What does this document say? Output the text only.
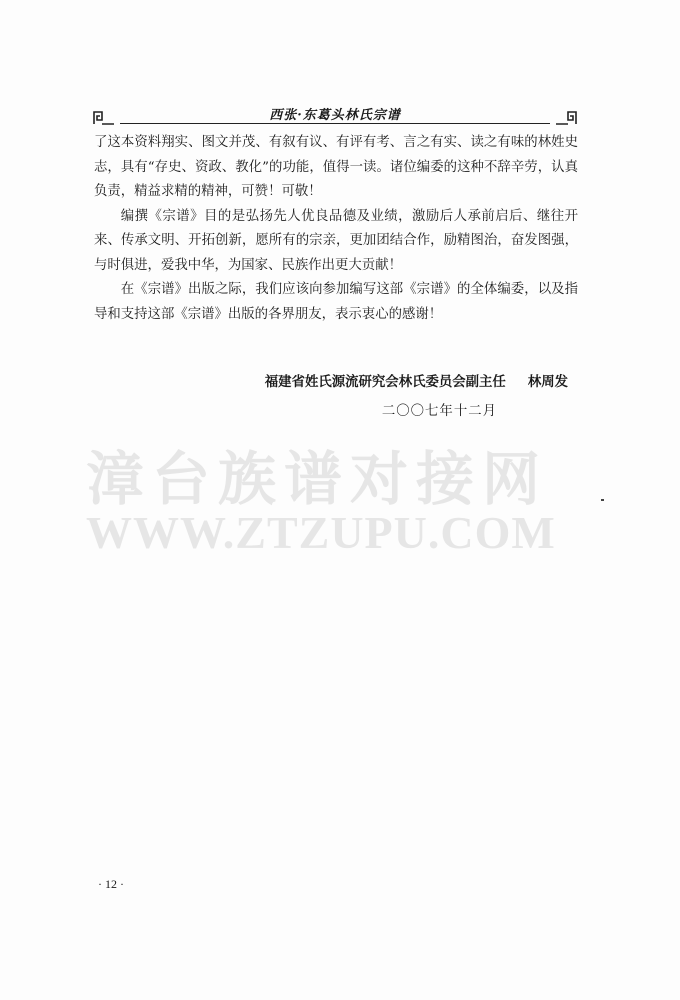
西张·东葛头林氏宗谱

了这本资料翔实、图文并茂、有叙有议、有评有考、言之有实、读之有味的林姓史志，具有“存史、资政、教化”的功能，值得一读。诸位编委的这种不辞辛劳，认真负责，精益求精的精神，可赞！可敬！

编撰《宗谱》目的是弘扬先人优良品德及业绩，激励后人承前启后、继往开来、传承文明、开拓创新，愿所有的宗亲，更加团结合作，励精图治，奋发图强，与时俱进，爱我中华，为国家、民族作出更大贡献！

在《宗谱》出版之际，我们应该向参加编写这部《宗谱》的全体编委，以及指导和支持这部《宗谱》出版的各界朋友，表示衷心的感谢！

福建省姓氏源流研究会林氏委员会副主任 林周发
二〇〇七年十二月
漳台族谱对接网
WWW.ZTZUPU.COM
· 12 ·
